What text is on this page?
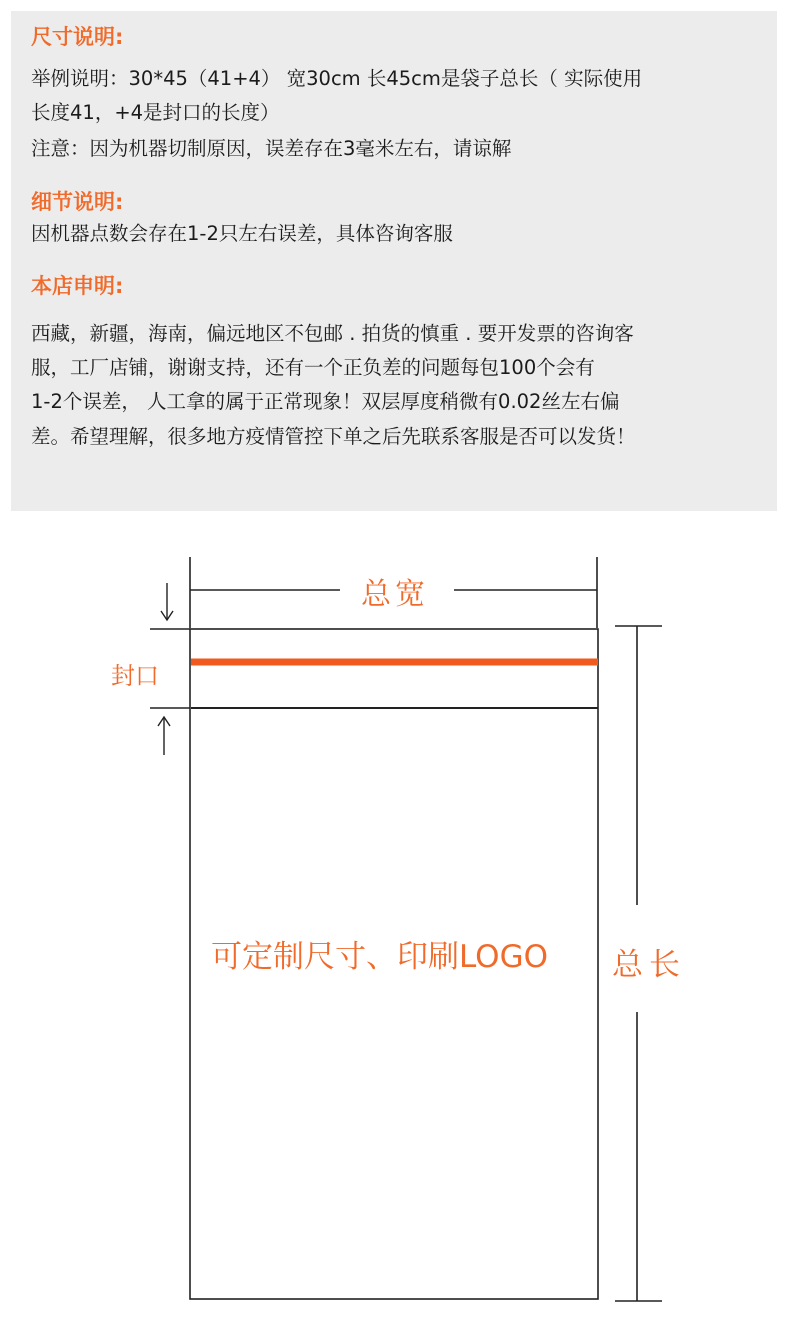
尺寸说明:
举例说明：30*45（41+4） 宽30cm 长45cm是袋子总长（ 实际使用
长度41，+4是封口的长度）
注意：因为机器切制原因，误差存在3毫米左右，请谅解
细节说明:
因机器点数会存在1-2只左右误差，具体咨询客服
本店申明:
西藏，新疆，海南，偏远地区不包邮 . 拍货的慎重 . 要开发票的咨询客
服，工厂店铺，谢谢支持，还有一个正负差的问题每包100个会有
1-2个误差， 人工拿的属于正常现象！双层厚度稍微有0.02丝左右偏
差。希望理解，很多地方疫情管控下单之后先联系客服是否可以发货！
总宽
封口
总长
可定制尺寸、印刷LOGO
